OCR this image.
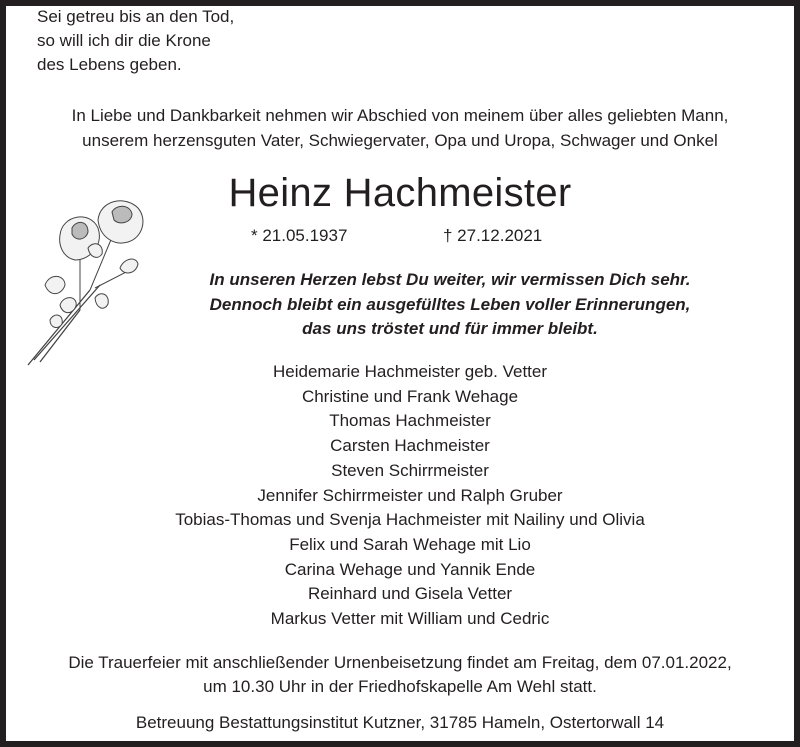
Sei getreu bis an den Tod,
so will ich dir die Krone
des Lebens geben.
In Liebe und Dankbarkeit nehmen wir Abschied von meinem über alles geliebten Mann,
unserem herzensguten Vater, Schwiegervater, Opa und Uropa, Schwager und Onkel
Heinz Hachmeister
* 21.05.1937	† 27.12.2021
In unseren Herzen lebst Du weiter, wir vermissen Dich sehr.
Dennoch bleibt ein ausgefülltes Leben voller Erinnerungen,
das uns tröstet und für immer bleibt.
Heidemarie Hachmeister geb. Vetter
Christine und Frank Wehage
Thomas Hachmeister
Carsten Hachmeister
Steven Schirrmeister
Jennifer Schirrmeister und Ralph Gruber
Tobias-Thomas und Svenja Hachmeister mit Nailiny und Olivia
Felix und Sarah Wehage mit Lio
Carina Wehage und Yannik Ende
Reinhard und Gisela Vetter
Markus Vetter mit William und Cedric
Die Trauerfeier mit anschließender Urnenbeisetzung findet am Freitag, dem 07.01.2022,
um 10.30 Uhr in der Friedhofskapelle Am Wehl statt.
Betreuung Bestattungsinstitut Kutzner, 31785 Hameln, Ostertorwall 14
